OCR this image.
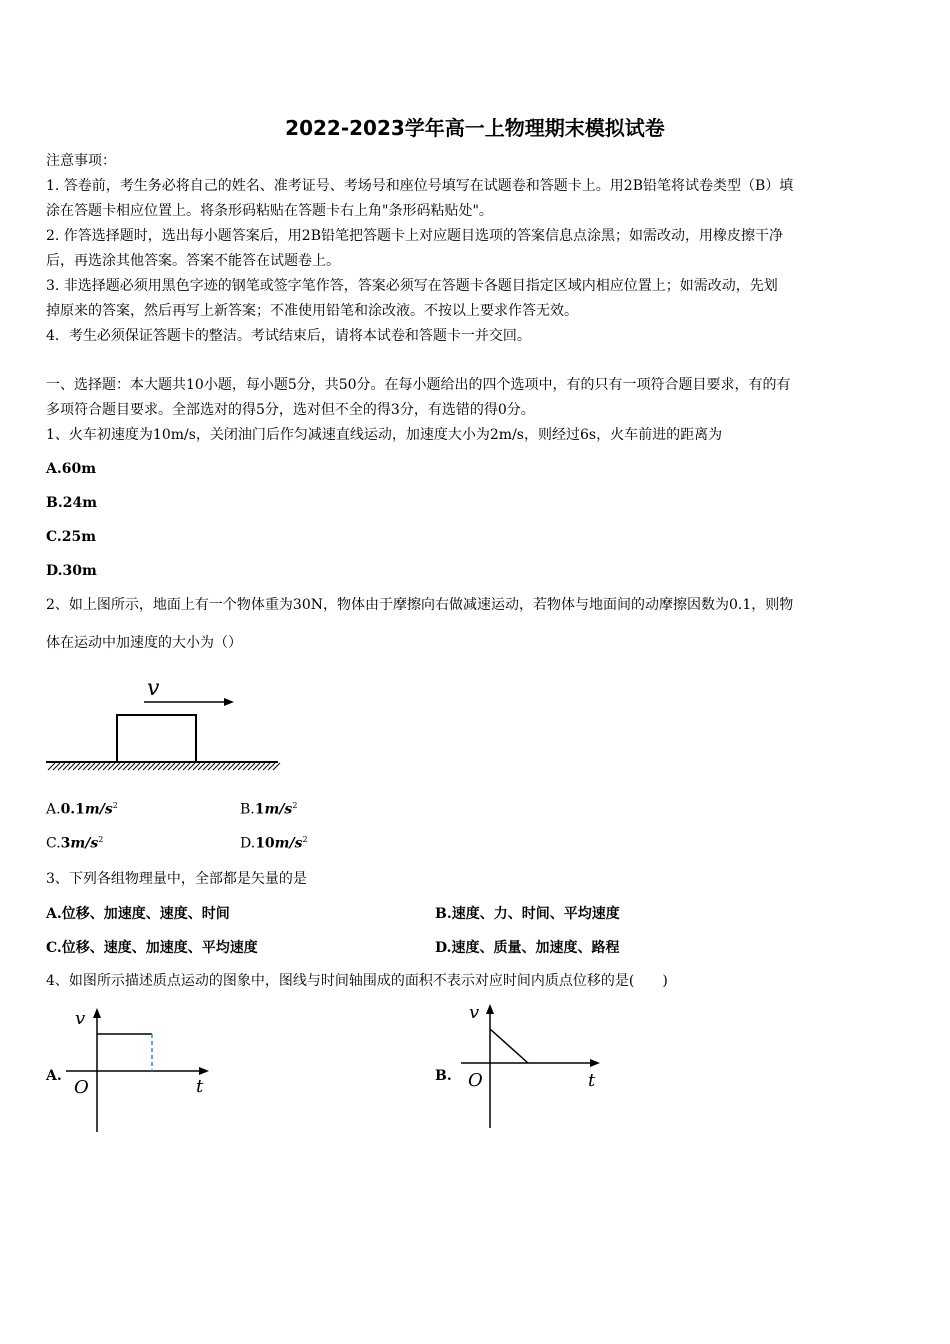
2022-2023学年高一上物理期末模拟试卷
注意事项：
1. 答卷前，考生务必将自己的姓名、准考证号、考场号和座位号填写在试题卷和答题卡上。用2B铅笔将试卷类型（B）填
涂在答题卡相应位置上。将条形码粘贴在答题卡右上角"条形码粘贴处"。
2. 作答选择题时，选出每小题答案后，用2B铅笔把答题卡上对应题目选项的答案信息点涂黑；如需改动，用橡皮擦干净
后，再选涂其他答案。答案不能答在试题卷上。
3. 非选择题必须用黑色字迹的钢笔或签字笔作答，答案必须写在答题卡各题目指定区域内相应位置上；如需改动，先划
掉原来的答案，然后再写上新答案；不准使用铅笔和涂改液。不按以上要求作答无效。
4．考生必须保证答题卡的整洁。考试结束后，请将本试卷和答题卡一并交回。
一、选择题：本大题共10小题，每小题5分，共50分。在每小题给出的四个选项中，有的只有一项符合题目要求，有的有
多项符合题目要求。全部选对的得5分，选对但不全的得3分，有选错的得0分。
1、火车初速度为10m/s，关闭油门后作匀减速直线运动，加速度大小为2m/s，则经过6s，火车前进的距离为
A.60m
B.24m
C.25m
D.30m
2、如上图所示，地面上有一个物体重为30N，物体由于摩擦向右做减速运动，若物体与地面间的动摩擦因数为0.1，则物
体在运动中加速度的大小为（）
v
$A.0.1m/s^2$	$B.1m/s^2$
$C.3m/s^2$	$D.10m/s^2$
3、下列各组物理量中，全部都是矢量的是
A.位移、加速度、速度、时间	B.速度、力、时间、平均速度
C.位移、速度、加速度、平均速度	D.速度、质量、加速度、路程
4、如图所示描述质点运动的图象中，图线与时间轴围成的面积不表示对应时间内质点位移的是(　　)
A.
v
t
O
B.
v
t
O
